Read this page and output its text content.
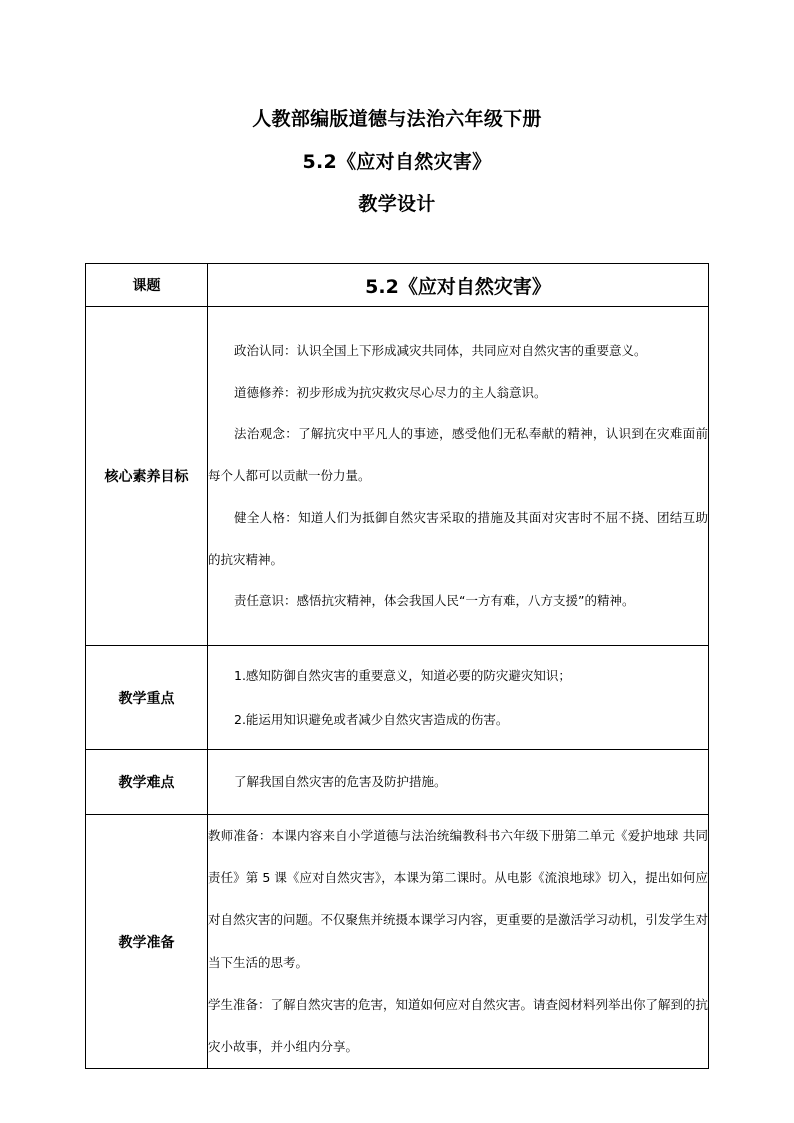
人教部编版道德与法治六年级下册
5.2《应对自然灾害》
教学设计
课题	5.2《应对自然灾害》
核心素养目标	政治认同：认识全国上下形成减灾共同体，共同应对自然灾害的重要意义。

道德修养：初步形成为抗灾救灾尽心尽力的主人翁意识。

法治观念：了解抗灾中平凡人的事迹，感受他们无私奉献的精神，认识到在灾难面前每个人都可以贡献一份力量。

健全人格：知道人们为抵御自然灾害采取的措施及其面对灾害时不屈不挠、团结互助的抗灾精神。

责任意识：感悟抗灾精神，体会我国人民“一方有难，八方支援”的精神。

教学重点	1.感知防御自然灾害的重要意义，知道必要的防灾避灾知识；

2.能运用知识避免或者减少自然灾害造成的伤害。

教学难点	了解我国自然灾害的危害及防护措施。

教学准备	教师准备：本课内容来自小学道德与法治统编教科书六年级下册第二单元《爱护地球 共同责任》第 5 课《应对自然灾害》，本课为第二课时。从电影《流浪地球》切入，提出如何应对自然灾害的问题。不仅聚焦并统摄本课学习内容，更重要的是激活学习动机，引发学生对当下生活的思考。

学生准备：了解自然灾害的危害，知道如何应对自然灾害。请查阅材料列举出你了解到的抗灾小故事，并小组内分享。
